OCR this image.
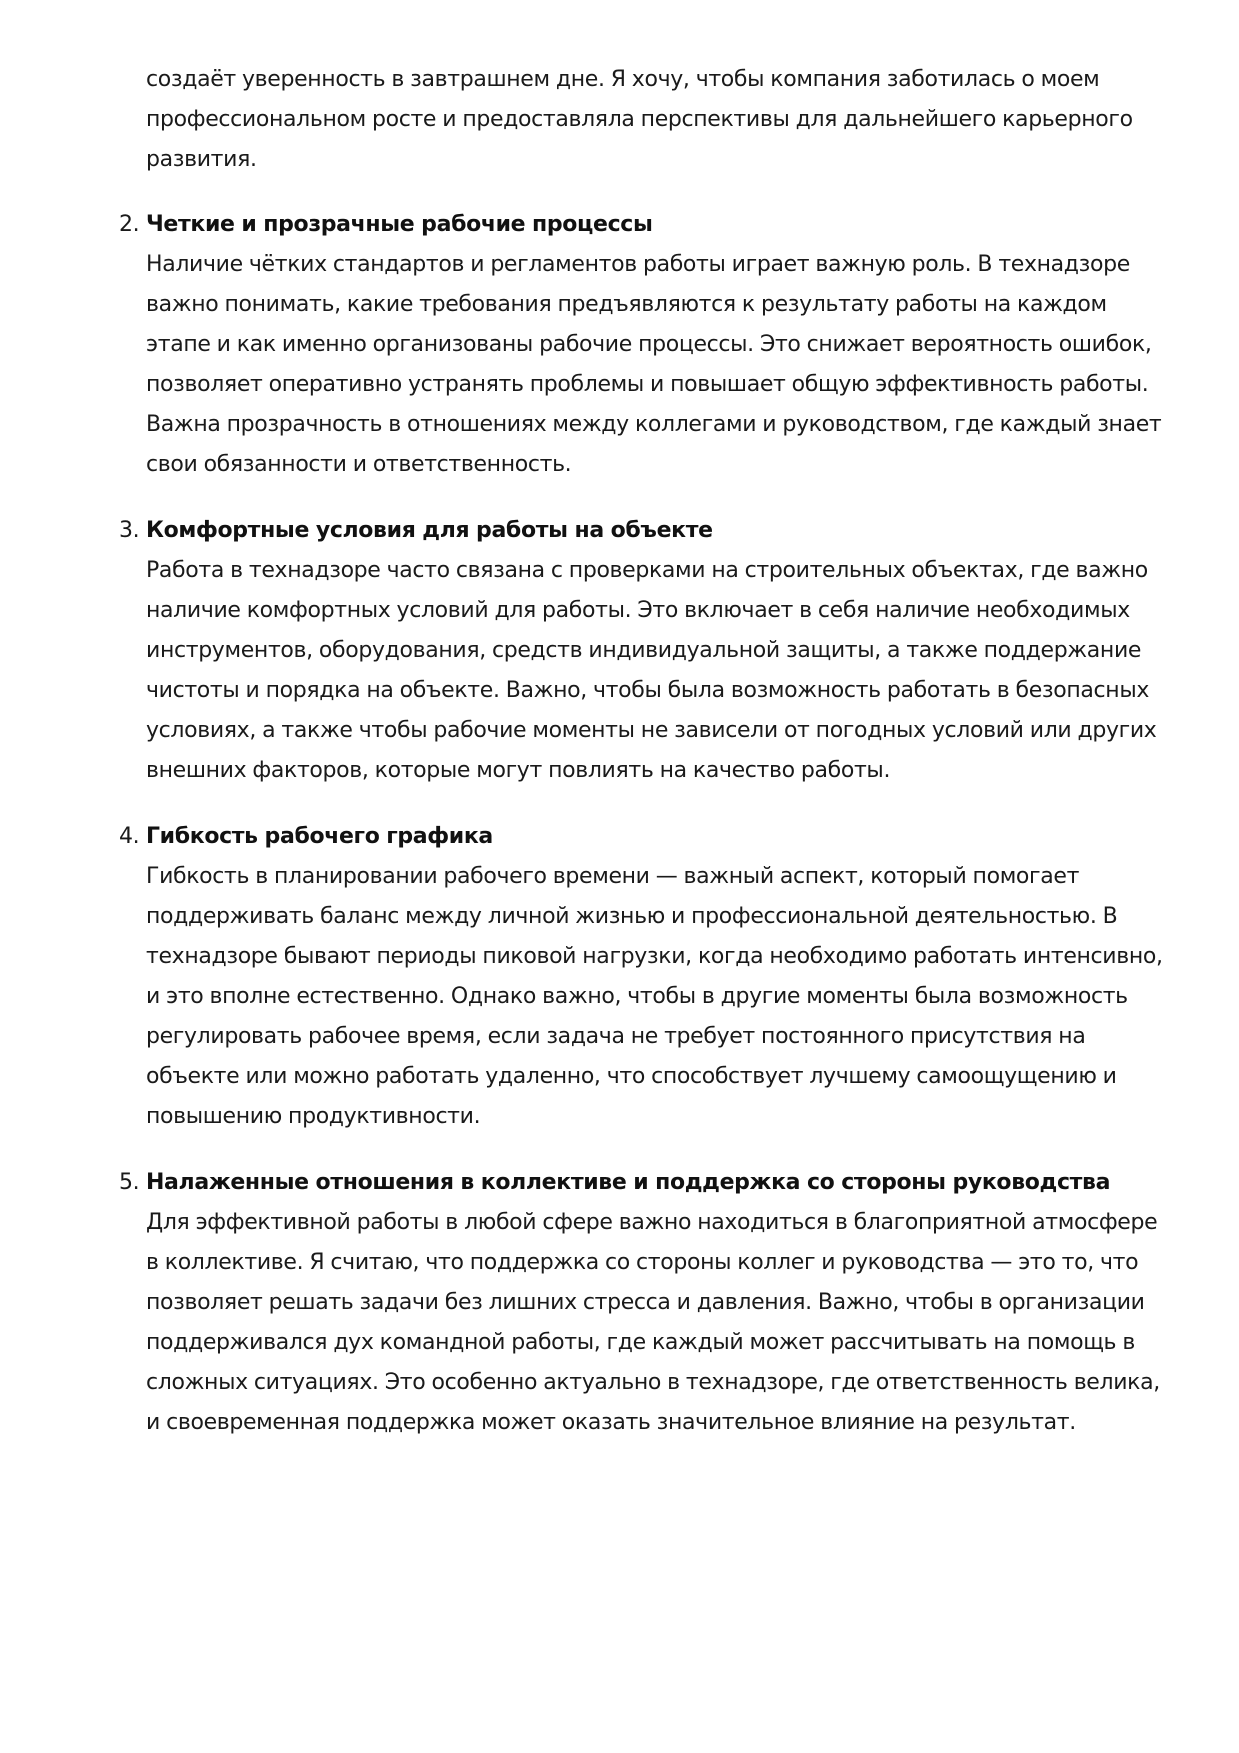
создаёт уверенность в завтрашнем дне. Я хочу, чтобы компания заботилась о моем профессиональном росте и предоставляла перспективы для дальнейшего карьерного развития.

2. Четкие и прозрачные рабочие процессы

Наличие чётких стандартов и регламентов работы играет важную роль. В технадзоре важно понимать, какие требования предъявляются к результату работы на каждом этапе и как именно организованы рабочие процессы. Это снижает вероятность ошибок, позволяет оперативно устранять проблемы и повышает общую эффективность работы. Важна прозрачность в отношениях между коллегами и руководством, где каждый знает свои обязанности и ответственность.

3. Комфортные условия для работы на объекте

Работа в технадзоре часто связана с проверками на строительных объектах, где важно наличие комфортных условий для работы. Это включает в себя наличие необходимых инструментов, оборудования, средств индивидуальной защиты, а также поддержание чистоты и порядка на объекте. Важно, чтобы была возможность работать в безопасных условиях, а также чтобы рабочие моменты не зависели от погодных условий или других внешних факторов, которые могут повлиять на качество работы.

4. Гибкость рабочего графика

Гибкость в планировании рабочего времени — важный аспект, который помогает поддерживать баланс между личной жизнью и профессиональной деятельностью. В технадзоре бывают периоды пиковой нагрузки, когда необходимо работать интенсивно, и это вполне естественно. Однако важно, чтобы в другие моменты была возможность регулировать рабочее время, если задача не требует постоянного присутствия на объекте или можно работать удаленно, что способствует лучшему самоощущению и повышению продуктивности.

5. Налаженные отношения в коллективе и поддержка со стороны руководства

Для эффективной работы в любой сфере важно находиться в благоприятной атмосфере в коллективе. Я считаю, что поддержка со стороны коллег и руководства — это то, что позволяет решать задачи без лишних стресса и давления. Важно, чтобы в организации поддерживался дух командной работы, где каждый может рассчитывать на помощь в сложных ситуациях. Это особенно актуально в технадзоре, где ответственность велика, и своевременная поддержка может оказать значительное влияние на результат.
